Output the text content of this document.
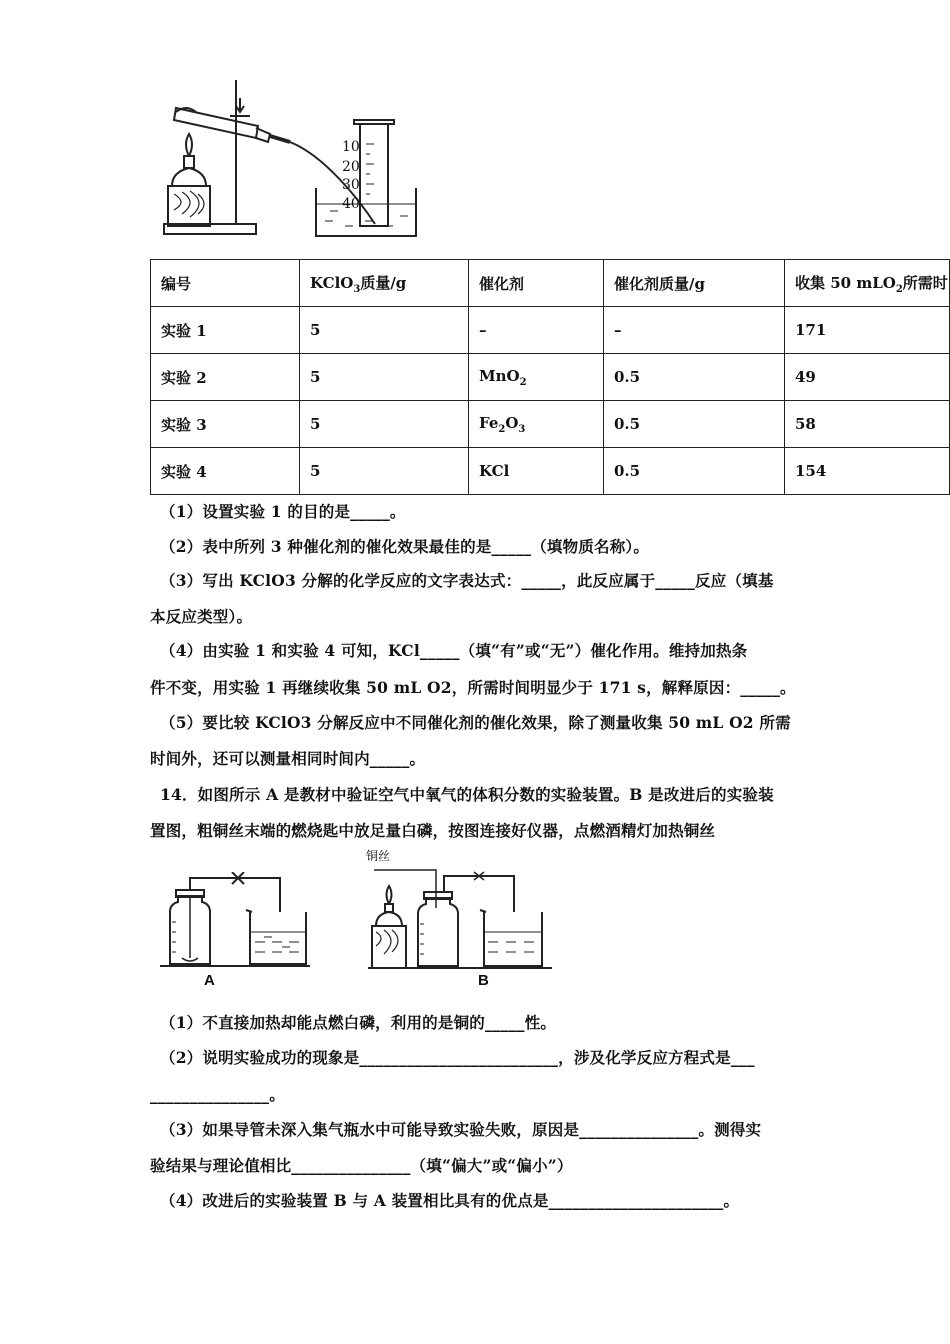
10
20
30
40
编号	KClO$_3$质量/g	催化剂	催化剂质量/g	收集 50 mLO$_2$所需时
实验 1	5	–	–	171
实验 2	5	MnO$_2$	0.5	49
实验 3	5	$Fe_2O_3$	0.5	58
实验 4	5	KCl	0.5	154
（1）设置实验 1 的目的是_____。
（2）表中所列 3 种催化剂的催化效果最佳的是_____（填物质名称）。
（3）写出 KClO3 分解的化学反应的文字表达式：_____，此反应属于_____反应（填基
本反应类型）。
（4）由实验 1 和实验 4 可知，KCl_____（填“有”或“无”）催化作用。维持加热条
件不变，用实验 1 再继续收集 50 mL O2，所需时间明显少于 171 s，解释原因：_____。
（5）要比较 KClO3 分解反应中不同催化剂的催化效果，除了测量收集 50 mL O2 所需
时间外，还可以测量相同时间内_____。
14．如图所示 A 是教材中验证空气中氧气的体积分数的实验装置。B 是改进后的实验装
置图，粗铜丝末端的燃烧匙中放足量白磷，按图连接好仪器，点燃酒精灯加热铜丝
A
铜丝
B
（1）不直接加热却能点燃白磷，利用的是铜的_____性。
（2）说明实验成功的现象是_________________________，涉及化学反应方程式是___
_______________。
（3）如果导管未深入集气瓶水中可能导致实验失败，原因是_______________。测得实
验结果与理论值相比_______________（填“偏大”或“偏小”）
（4）改进后的实验装置 B 与 A 装置相比具有的优点是______________________。
